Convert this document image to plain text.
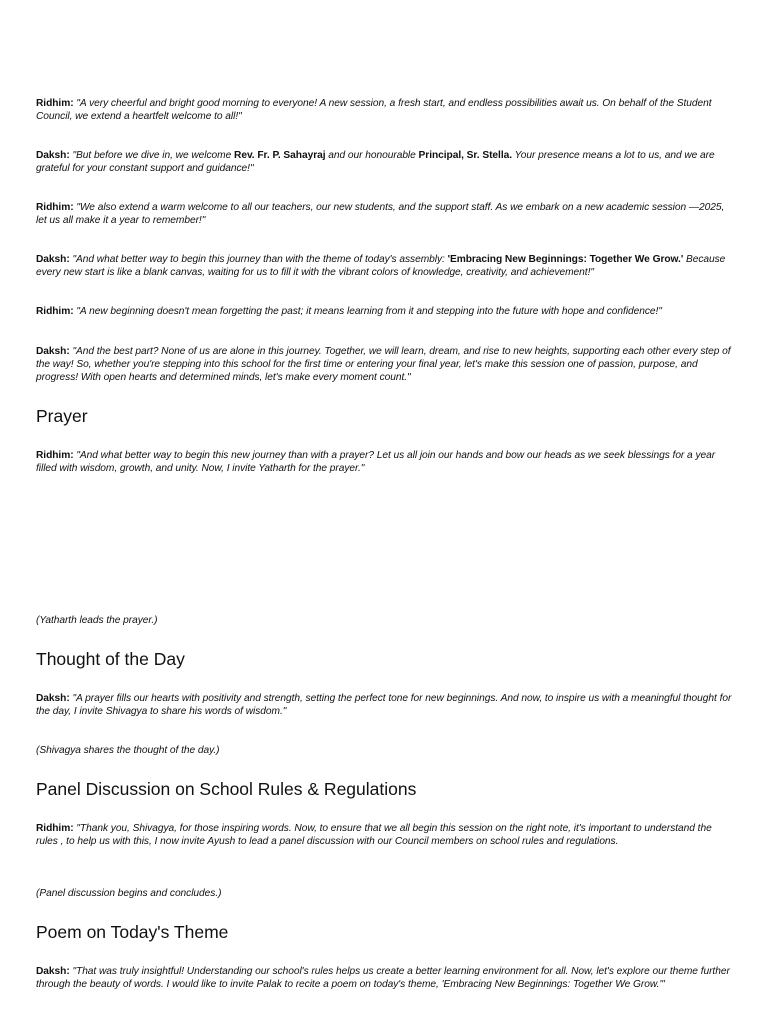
Ridhim: "A very cheerful and bright good morning to everyone! A new session, a fresh start, and endless possibilities await us. On behalf of the Student Council, we extend a heartfelt welcome to all!"

Daksh: "But before we dive in, we welcome Rev. Fr. P. Sahayraj and our honourable Principal, Sr. Stella. Your presence means a lot to us, and we are grateful for your constant support and guidance!"

Ridhim: "We also extend a warm welcome to all our teachers, our new students, and the support staff. As we embark on a new academic session —2025, let us all make it a year to remember!"

Daksh: "And what better way to begin this journey than with the theme of today's assembly: 'Embracing New Beginnings: Together We Grow.' Because every new start is like a blank canvas, waiting for us to fill it with the vibrant colors of knowledge, creativity, and achievement!"

Ridhim: "A new beginning doesn't mean forgetting the past; it means learning from it and stepping into the future with hope and confidence!"

Daksh: "And the best part? None of us are alone in this journey. Together, we will learn, dream, and rise to new heights, supporting each other every step of the way! So, whether you're stepping into this school for the first time or entering your final year, let's make this session one of passion, purpose, and progress! With open hearts and determined minds, let's make every moment count."

Prayer

Ridhim: "And what better way to begin this new journey than with a prayer? Let us all join our hands and bow our heads as we seek blessings for a year filled with wisdom, growth, and unity. Now, I invite Yatharth for the prayer."

(Yatharth leads the prayer.)

Thought of the Day

Daksh: "A prayer fills our hearts with positivity and strength, setting the perfect tone for new beginnings. And now, to inspire us with a meaningful thought for the day, I invite Shivagya to share his words of wisdom."

(Shivagya shares the thought of the day.)

Panel Discussion on School Rules & Regulations

Ridhim: "Thank you, Shivagya, for those inspiring words. Now, to ensure that we all begin this session on the right note, it's important to understand the rules , to help us with this, I now invite Ayush to lead a panel discussion with our Council members on school rules and regulations.

(Panel discussion begins and concludes.)

Poem on Today's Theme

Daksh: "That was truly insightful! Understanding our school's rules helps us create a better learning environment for all. Now, let's explore our theme further through the beauty of words. I would like to invite Palak to recite a poem on today's theme, 'Embracing New Beginnings: Together We Grow.'"
